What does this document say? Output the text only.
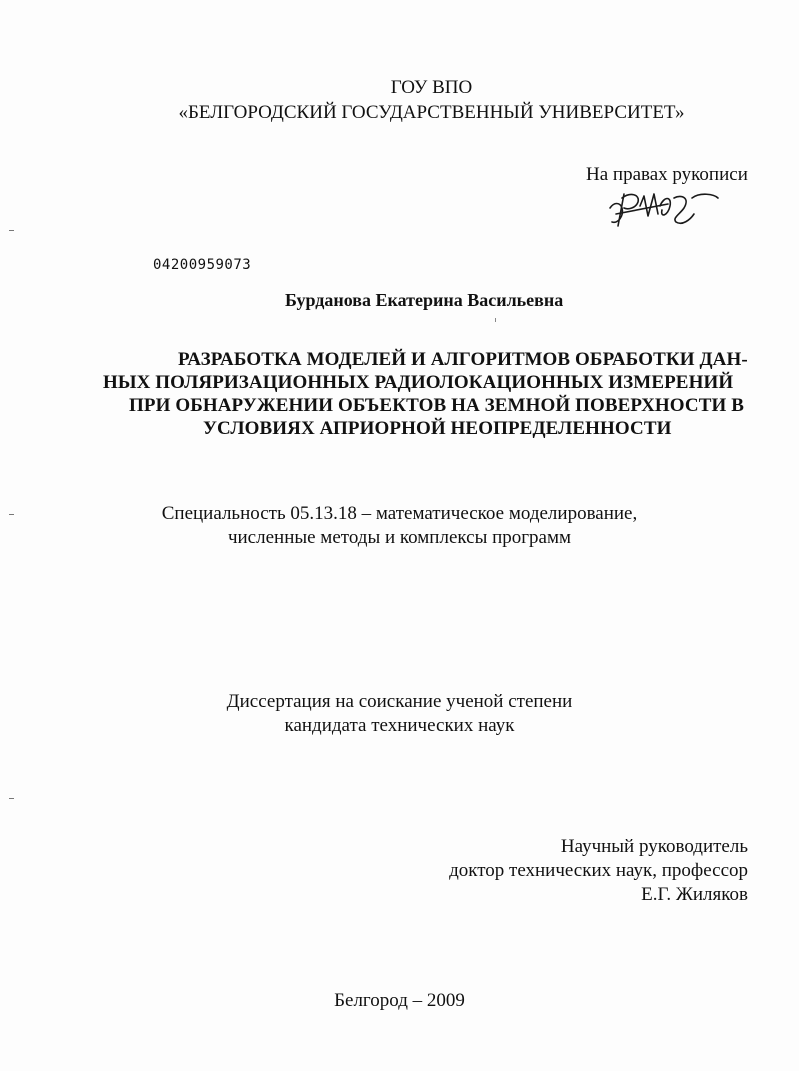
ГОУ ВПО
«БЕЛГОРОДСКИЙ ГОСУДАРСТВЕННЫЙ УНИВЕРСИТЕТ»
На правах рукописи
04200959073
Бурданова Екатерина Васильевна
РАЗРАБОТКА МОДЕЛЕЙ И АЛГОРИТМОВ ОБРАБОТКИ ДАН-
НЫХ ПОЛЯРИЗАЦИОННЫХ РАДИОЛОКАЦИОННЫХ ИЗМЕРЕНИЙ
ПРИ ОБНАРУЖЕНИИ ОБЪЕКТОВ НА ЗЕМНОЙ ПОВЕРХНОСТИ В
УСЛОВИЯХ АПРИОРНОЙ НЕОПРЕДЕЛЕННОСТИ
Специальность 05.13.18 – математическое моделирование,
численные методы и комплексы программ
Диссертация на соискание ученой степени
кандидата технических наук
Научный руководитель
доктор технических наук, профессор
Е.Г. Жиляков
Белгород – 2009
